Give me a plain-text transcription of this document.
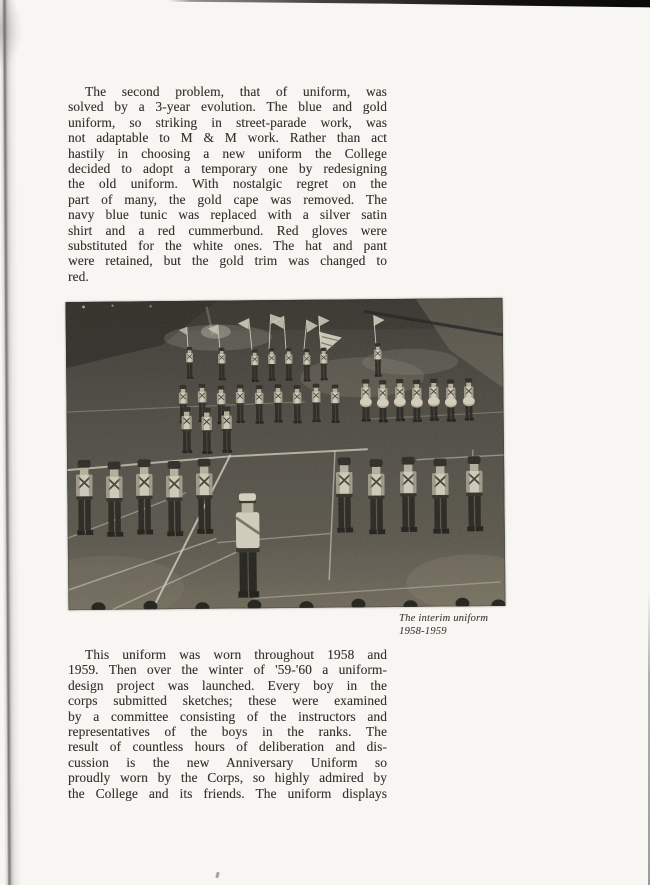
The second problem, that of uniform, was
solved by a 3-year evolution. The blue and gold
uniform, so striking in street-parade work, was
not adaptable to M & M work. Rather than act
hastily in choosing a new uniform the College
decided to adopt a temporary one by redesigning
the old uniform. With nostalgic regret on the
part of many, the gold cape was removed. The
navy blue tunic was replaced with a silver satin
shirt and a red cummerbund. Red gloves were
substituted for the white ones. The hat and pant
were retained, but the gold trim was changed to
red.
The interim uniform
1958-1959
This uniform was worn throughout 1958 and
1959. Then over the winter of '59-'60 a uniform-
design project was launched. Every boy in the
corps submitted sketches; these were examined
by a committee consisting of the instructors and
representatives of the boys in the ranks. The
result of countless hours of deliberation and dis-
cussion is the new Anniversary Uniform so
proudly worn by the Corps, so highly admired by
the College and its friends. The uniform displays
